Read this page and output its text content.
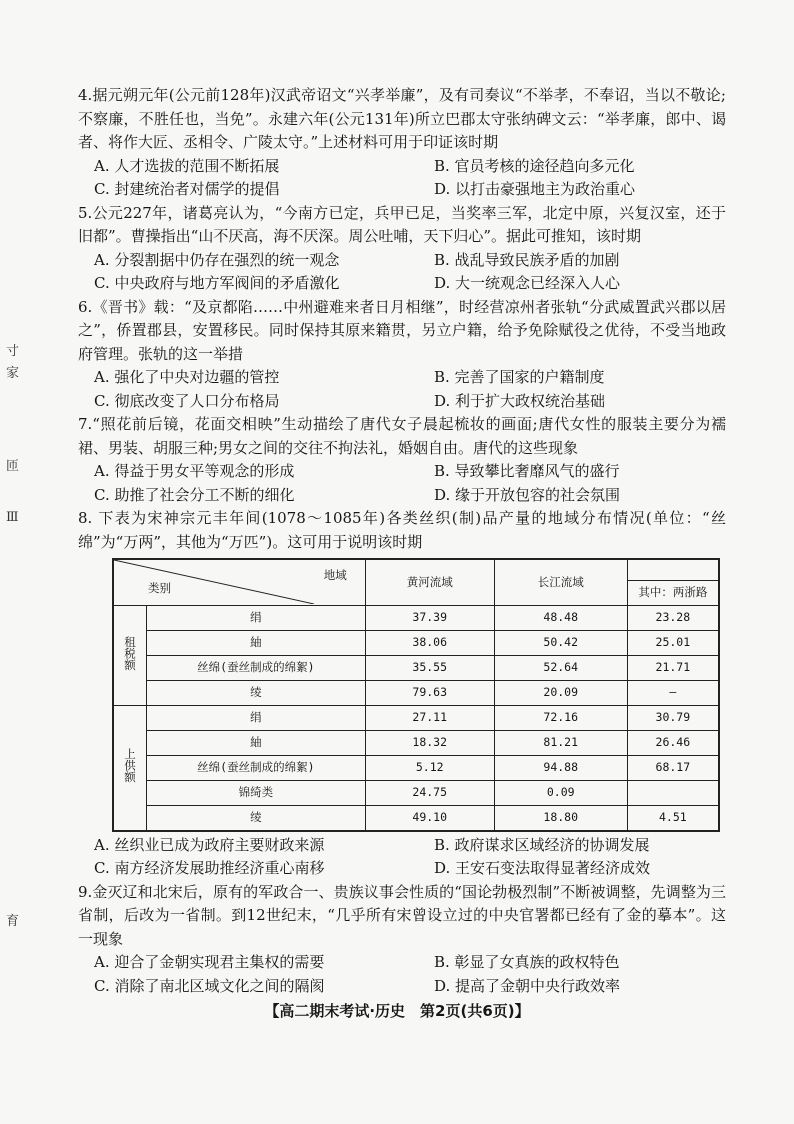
寸
家
匝
Ⅲ
育
4.据元朔元年(公元前128年)汉武帝诏文“兴孝举廉”，及有司奏议“不举孝，不奉诏，当以不敬论;不察廉，不胜任也，当免”。永建六年(公元131年)所立巴郡太守张纳碑文云：“举孝廉，郎中、谒者、将作大匠、丞相令、广陵太守。”上述材料可用于印证该时期
A. 人才选拔的范围不断拓展	B. 官员考核的途径趋向多元化
C. 封建统治者对儒学的提倡	D. 以打击豪强地主为政治重心
5.公元227年，诸葛亮认为，“今南方已定，兵甲已足，当奖率三军，北定中原，兴复汉室，还于旧都”。曹操指出“山不厌高，海不厌深。周公吐哺，天下归心”。据此可推知，该时期
A. 分裂割据中仍存在强烈的统一观念	B. 战乱导致民族矛盾的加剧
C. 中央政府与地方军阀间的矛盾激化	D. 大一统观念已经深入人心
6.《晋书》载：“及京都陷……中州避难来者日月相继”，时经营凉州者张轨“分武威置武兴郡以居之”，侨置郡县，安置移民。同时保持其原来籍贯，另立户籍，给予免除赋役之优待，不受当地政府管理。张轨的这一举措
A. 强化了中央对边疆的管控	B. 完善了国家的户籍制度
C. 彻底改变了人口分布格局	D. 利于扩大政权统治基础
7.“照花前后镜，花面交相映”生动描绘了唐代女子晨起梳妆的画面;唐代女性的服装主要分为襦裙、男装、胡服三种;男女之间的交往不拘法礼，婚姻自由。唐代的这些现象
A. 得益于男女平等观念的形成	B. 导致攀比奢靡风气的盛行
C. 助推了社会分工不断的细化	D. 缘于开放包容的社会氛围
8. 下表为宋神宗元丰年间(1078～1085年)各类丝织(制)品产量的地域分布情况(单位：“丝绵”为“万两”，其他为“万匹”)。这可用于说明该时期
地域
类别		黄河流域	长江流域	
				其中：两浙路
租税额	绢	37.39	48.48	23.28
	紬	38.06	50.42	25.01
	丝绵(蚕丝制成的绵絮)	35.55	52.64	21.71
	绫	79.63	20.09	—
上供额	绢	27.11	72.16	30.79
	紬	18.32	81.21	26.46
	丝绵(蚕丝制成的绵絮)	5.12	94.88	68.17
	锦绮类	24.75	0.09	
	绫	49.10	18.80	4.51
A. 丝织业已成为政府主要财政来源	B. 政府谋求区域经济的协调发展
C. 南方经济发展助推经济重心南移	D. 王安石变法取得显著经济成效
9.金灭辽和北宋后，原有的军政合一、贵族议事会性质的“国论勃极烈制”不断被调整，先调整为三省制，后改为一省制。到12世纪末，“几乎所有宋曾设立过的中央官署都已经有了金的摹本”。这一现象
A. 迎合了金朝实现君主集权的需要	B. 彰显了女真族的政权特色
C. 消除了南北区域文化之间的隔阂	D. 提高了金朝中央行政效率
【高二期末考试·历史　第2页(共6页)】
